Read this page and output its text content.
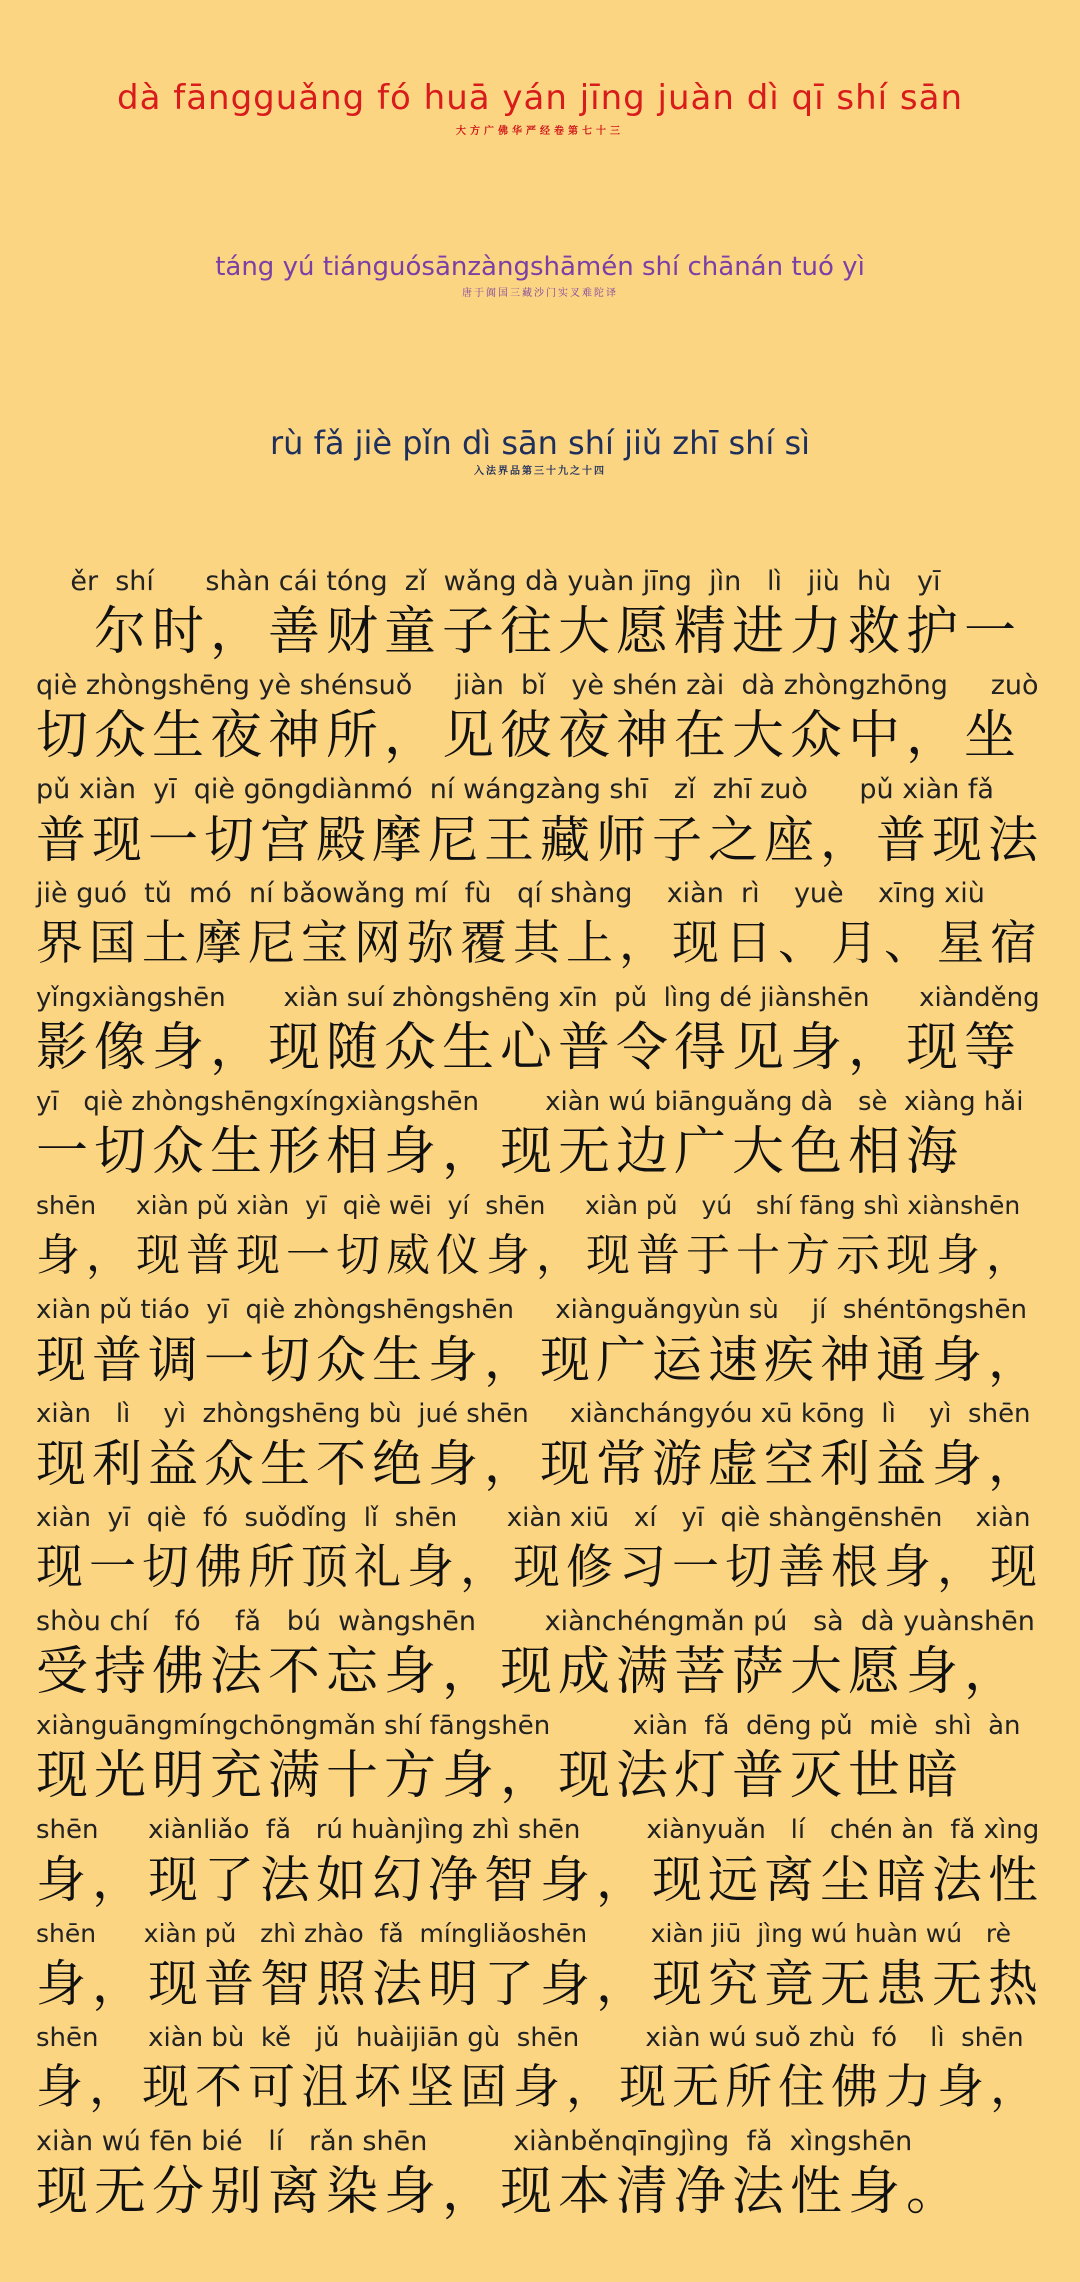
dà fāngguǎng fó huā yán jīng juàn dì qī shí sān
大方广佛华严经卷第七十三
táng yú tiánguósānzàngshāmén shí chānán tuó yì
唐于阗国三藏沙门实叉难陀译
rù fǎ jiè pǐn dì sān shí jiǔ zhī shí sì
入法界品第三十九之十四
ěr  shí      shàn cái tóng  zǐ  wǎng dà yuàn jīng  jìn   lì   jiù  hù   yī
　尔时，善财童子往大愿精进力救护一
qiè zhòngshēng yè shénsuǒ     jiàn  bǐ   yè shén zài  dà zhòngzhōng     zuò
切众生夜神所，见彼夜神在大众中，坐
pǔ xiàn  yī  qiè gōngdiànmó  ní wángzàng shī   zǐ  zhī zuò      pǔ xiàn fǎ
普现一切宫殿摩尼王藏师子之座，普现法
jiè guó  tǔ  mó  ní bǎowǎng mí  fù   qí shàng    xiàn  rì    yuè    xīng xiù
界国土摩尼宝网弥覆其上，现日、月、星宿
yǐngxiàngshēn       xiàn suí zhòngshēng xīn  pǔ  lìng dé jiànshēn      xiànděng
影像身，现随众生心普令得见身，现等
yī   qiè zhòngshēngxíngxiàngshēn        xiàn wú biānguǎng dà   sè  xiàng hǎi
一切众生形相身，现无边广大色相海
shēn     xiàn pǔ xiàn  yī  qiè wēi  yí  shēn     xiàn pǔ   yú   shí fāng shì xiànshēn
身，现普现一切威仪身，现普于十方示现身，
xiàn pǔ tiáo  yī  qiè zhòngshēngshēn     xiànguǎngyùn sù    jí  shéntōngshēn
现普调一切众生身，现广运速疾神通身，
xiàn   lì    yì  zhòngshēng bù  jué shēn     xiànchángyóu xū kōng  lì    yì  shēn
现利益众生不绝身，现常游虚空利益身，
xiàn  yī  qiè  fó  suǒdǐng  lǐ  shēn      xiàn xiū   xí   yī  qiè shàngēnshēn    xiàn
现一切佛所顶礼身，现修习一切善根身，现
shòu chí   fó    fǎ   bú  wàngshēn        xiànchéngmǎn pú   sà  dà yuànshēn
受持佛法不忘身，现成满菩萨大愿身，
xiànguāngmíngchōngmǎn shí fāngshēn          xiàn  fǎ  dēng pǔ  miè  shì  àn
现光明充满十方身，现法灯普灭世暗
shēn      xiànliǎo  fǎ   rú huànjìng zhì shēn        xiànyuǎn   lí   chén àn  fǎ xìng
身，现了法如幻净智身，现远离尘暗法性
shēn      xiàn pǔ   zhì zhào  fǎ  míngliǎoshēn        xiàn jiū  jìng wú huàn wú   rè
身，现普智照法明了身，现究竟无患无热
shēn      xiàn bù  kě   jǔ  huàijiān gù  shēn        xiàn wú suǒ zhù  fó    lì  shēn
身，现不可沮坏坚固身，现无所住佛力身，
xiàn wú fēn bié   lí   rǎn shēn          xiànběnqīngjìng  fǎ  xìngshēn
现无分别离染身，现本清净法性身。
